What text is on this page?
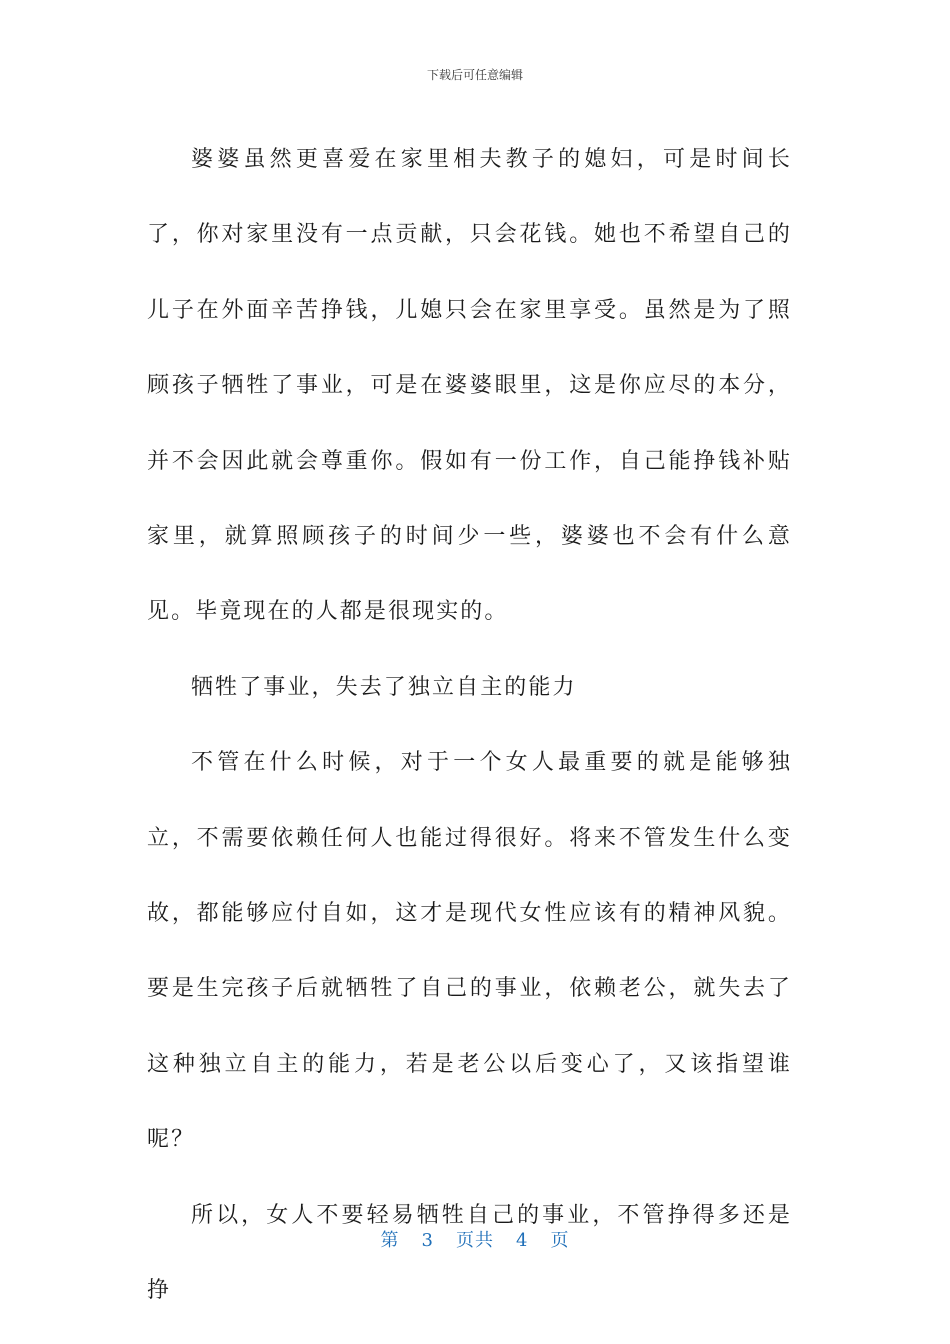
下载后可任意编辑

婆婆虽然更喜爱在家里相夫教子的媳妇，可是时间长了，你对家里没有一点贡献，只会花钱。她也不希望自己的儿子在外面辛苦挣钱，儿媳只会在家里享受。虽然是为了照顾孩子牺牲了事业，可是在婆婆眼里，这是你应尽的本分，并不会因此就会尊重你。假如有一份工作，自己能挣钱补贴家里，就算照顾孩子的时间少一些，婆婆也不会有什么意见。毕竟现在的人都是很现实的。

牺牲了事业，失去了独立自主的能力

不管在什么时候，对于一个女人最重要的就是能够独立，不需要依赖任何人也能过得很好。将来不管发生什么变故，都能够应付自如，这才是现代女性应该有的精神风貌。要是生完孩子后就牺牲了自己的事业，依赖老公，就失去了这种独立自主的能力，若是老公以后变心了，又该指望谁呢？

所以，女人不要轻易牺牲自己的事业，不管挣得多还是挣

第 3 页共 4 页
